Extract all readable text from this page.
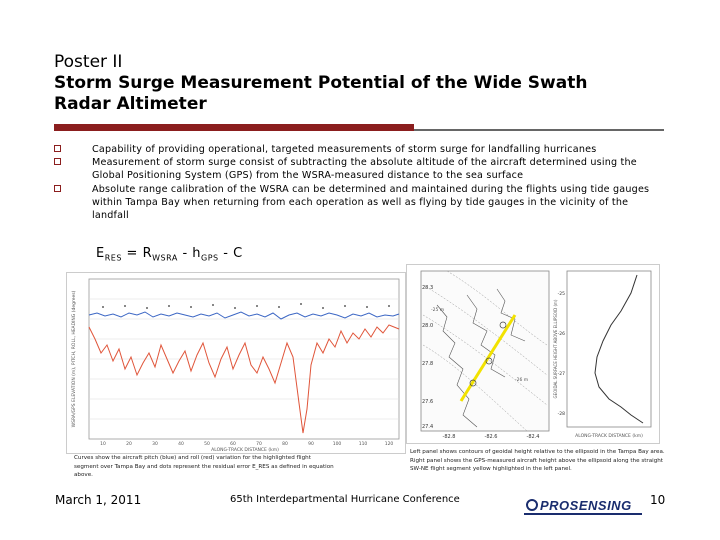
Poster II
Storm Surge Measurement Potential of the Wide Swath
Radar Altimeter
Capability of providing operational, targeted measurements of storm surge for landfalling hurricanes
Measurement of storm surge consist of subtracting the absolute altitude of the aircraft determined using the Global Positioning System (GPS) from the WSRA-measured distance to the sea surface
Absolute range calibration of the WSRA can be determined and maintained during the flights using tide gauges within Tampa Bay when returning from each operation as well as flying by tide gauges in the vicinity of the landfall
$E_{RES} = R_{WSRA} - h_{GPS} - C$
WSRA/GPS ELEVATION (m), PITCH, ROLL, HEADING (degrees)
10	20	30	40	50	60	70	80	90	100	110	120
ALONG-TRACK DISTANCE (km)
28.3
28.0
27.8
27.6
27.4
-82.8	-82.6	-82.4
-25 m
-26 m
-25
-26
-27
-28
GEOIDAL SURFACE HEIGHT ABOVE ELLIPSOID (m)
ALONG-TRACK DISTANCE (km)
Curves show the aircraft pitch (blue) and roll (red) variation for the highlighted flight segment over Tampa Bay and dots represent the residual error E_RES as defined in equation above.
Left panel shows contours of geoidal height relative to the ellipsoid in the Tampa Bay area. Right panel shows the GPS-measured aircraft height above the ellipsoid along the straight SW-NE flight segment yellow highlighted in the left panel.
March 1, 2011	65th Interdepartmental Hurricane Conference	PROSENSING 10
